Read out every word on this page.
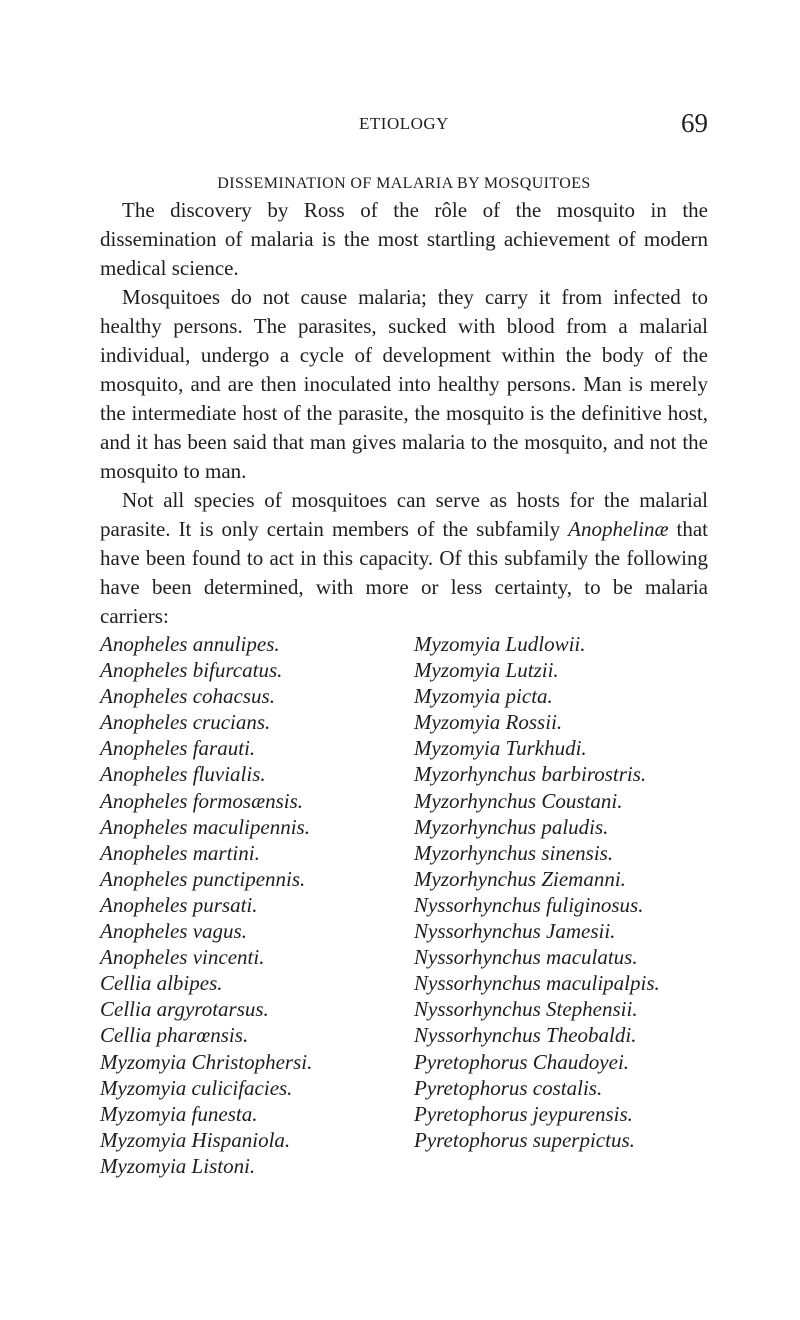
ETIOLOGY	69
DISSEMINATION OF MALARIA BY MOSQUITOES

The discovery by Ross of the rôle of the mosquito in the dissemination of malaria is the most startling achievement of modern medical science.

Mosquitoes do not cause malaria; they carry it from infected to healthy persons. The parasites, sucked with blood from a malarial individual, undergo a cycle of development within the body of the mosquito, and are then inoculated into healthy persons. Man is merely the intermediate host of the parasite, the mosquito is the definitive host, and it has been said that man gives malaria to the mosquito, and not the mosquito to man.

Not all species of mosquitoes can serve as hosts for the malarial parasite. It is only certain members of the subfamily Anophelinæ that have been found to act in this capacity. Of this subfamily the following have been determined, with more or less certainty, to be malaria carriers:

Anopheles annulipes.
Anopheles bifurcatus.
Anopheles cohacsus.
Anopheles crucians.
Anopheles farauti.
Anopheles fluvialis.
Anopheles formosænsis.
Anopheles maculipennis.
Anopheles martini.
Anopheles punctipennis.
Anopheles pursati.
Anopheles vagus.
Anopheles vincenti.
Cellia albipes.
Cellia argyrotarsus.
Cellia pharœnsis.
Myzomyia Christophersi.
Myzomyia culicifacies.
Myzomyia funesta.
Myzomyia Hispaniola.
Myzomyia Listoni.
Myzomyia Ludlowii.
Myzomyia Lutzii.
Myzomyia picta.
Myzomyia Rossii.
Myzomyia Turkhudi.
Myzorhynchus barbirostris.
Myzorhynchus Coustani.
Myzorhynchus paludis.
Myzorhynchus sinensis.
Myzorhynchus Ziemanni.
Nyssorhynchus fuliginosus.
Nyssorhynchus Jamesii.
Nyssorhynchus maculatus.
Nyssorhynchus maculipalpis.
Nyssorhynchus Stephensii.
Nyssorhynchus Theobaldi.
Pyretophorus Chaudoyei.
Pyretophorus costalis.
Pyretophorus jeypurensis.
Pyretophorus superpictus.
